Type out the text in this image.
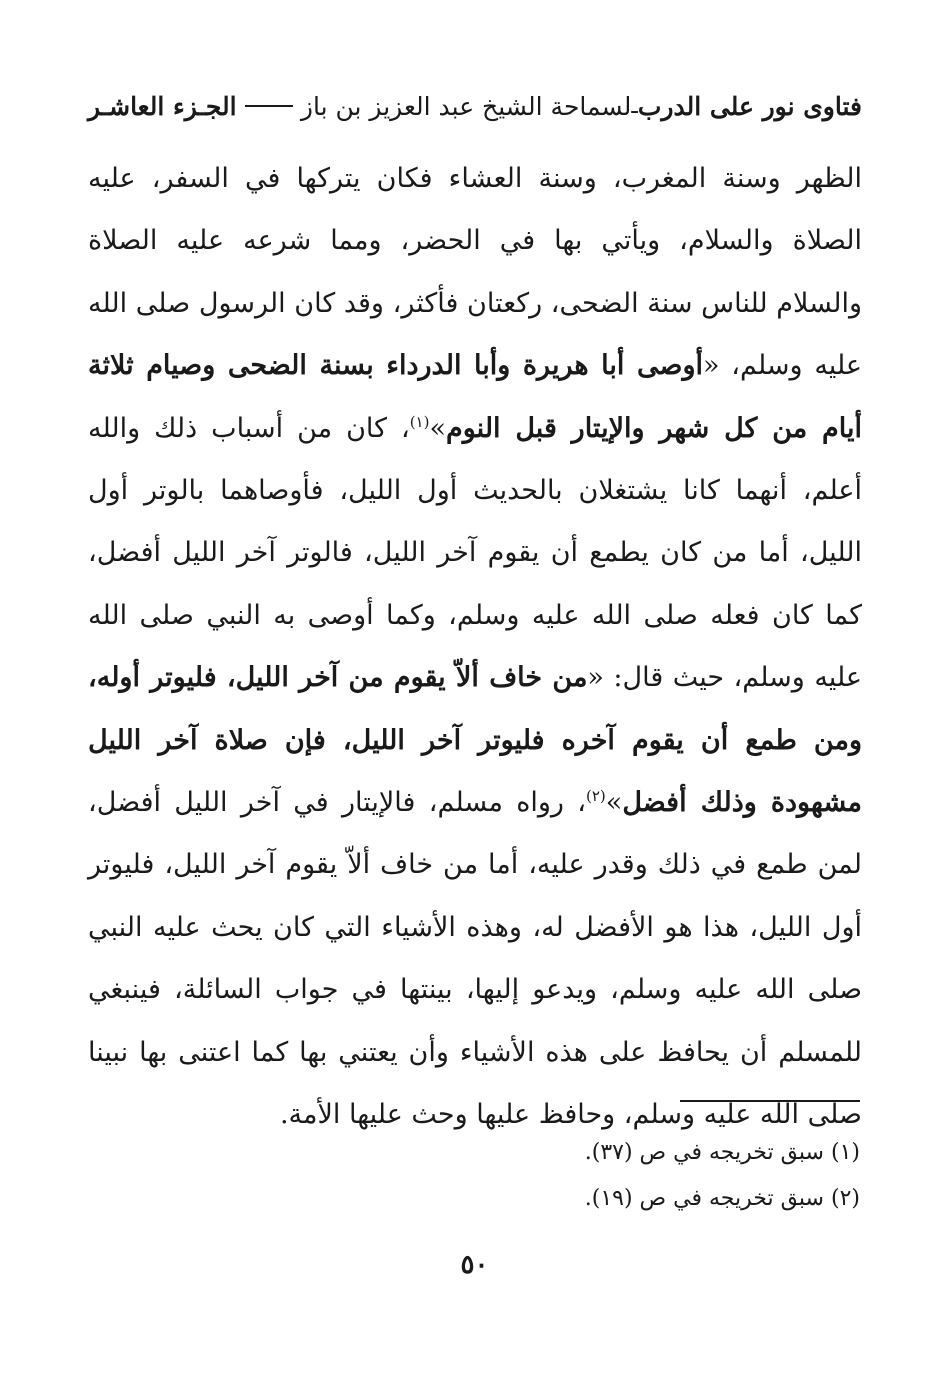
فتاوى نور على الدرب
ـ
لسماحة الشيخ عبد العزيز بن باز
الجـزء العاشـر
الظهر وسنة المغرب، وسنة العشاء فكان يتركها في السفر، عليه الصلاة والسلام، ويأتي بها في الحضر، ومما شرعه عليه الصلاة والسلام للناس سنة الضحى، ركعتان فأكثر، وقد كان الرسول صلى الله عليه وسلم، «أوصى أبا هريرة وأبا الدرداء بسنة الضحى وصيام ثلاثة أيام من كل شهر والإيتار قبل النوم»$^{(١)}$، كان من أسباب ذلك والله أعلم، أنهما كانا يشتغلان بالحديث أول الليل، فأوصاهما بالوتر أول الليل، أما من كان يطمع أن يقوم آخر الليل، فالوتر آخر الليل أفضل، كما كان فعله صلى الله عليه وسلم، وكما أوصى به النبي صلى الله عليه وسلم، حيث قال: «من خاف ألاّ يقوم من آخر الليل، فليوتر أوله، ومن طمع أن يقوم آخره فليوتر آخر الليل، فإن صلاة آخر الليل مشهودة وذلك أفضل»$^{(٢)}$، رواه مسلم، فالإيتار في آخر الليل أفضل، لمن طمع في ذلك وقدر عليه، أما من خاف ألاّ يقوم آخر الليل، فليوتر أول الليل، هذا هو الأفضل له، وهذه الأشياء التي كان يحث عليه النبي صلى الله عليه وسلم، ويدعو إليها، بينتها في جواب السائلة، فينبغي للمسلم أن يحافظ على هذه الأشياء وأن يعتني بها كما اعتنى بها نبينا صلى الله عليه وسلم، وحافظ عليها وحث عليها الأمة.
(١) سبق تخريجه في ص (٣٧).
(٢) سبق تخريجه في ص (١٩).
٥٠
